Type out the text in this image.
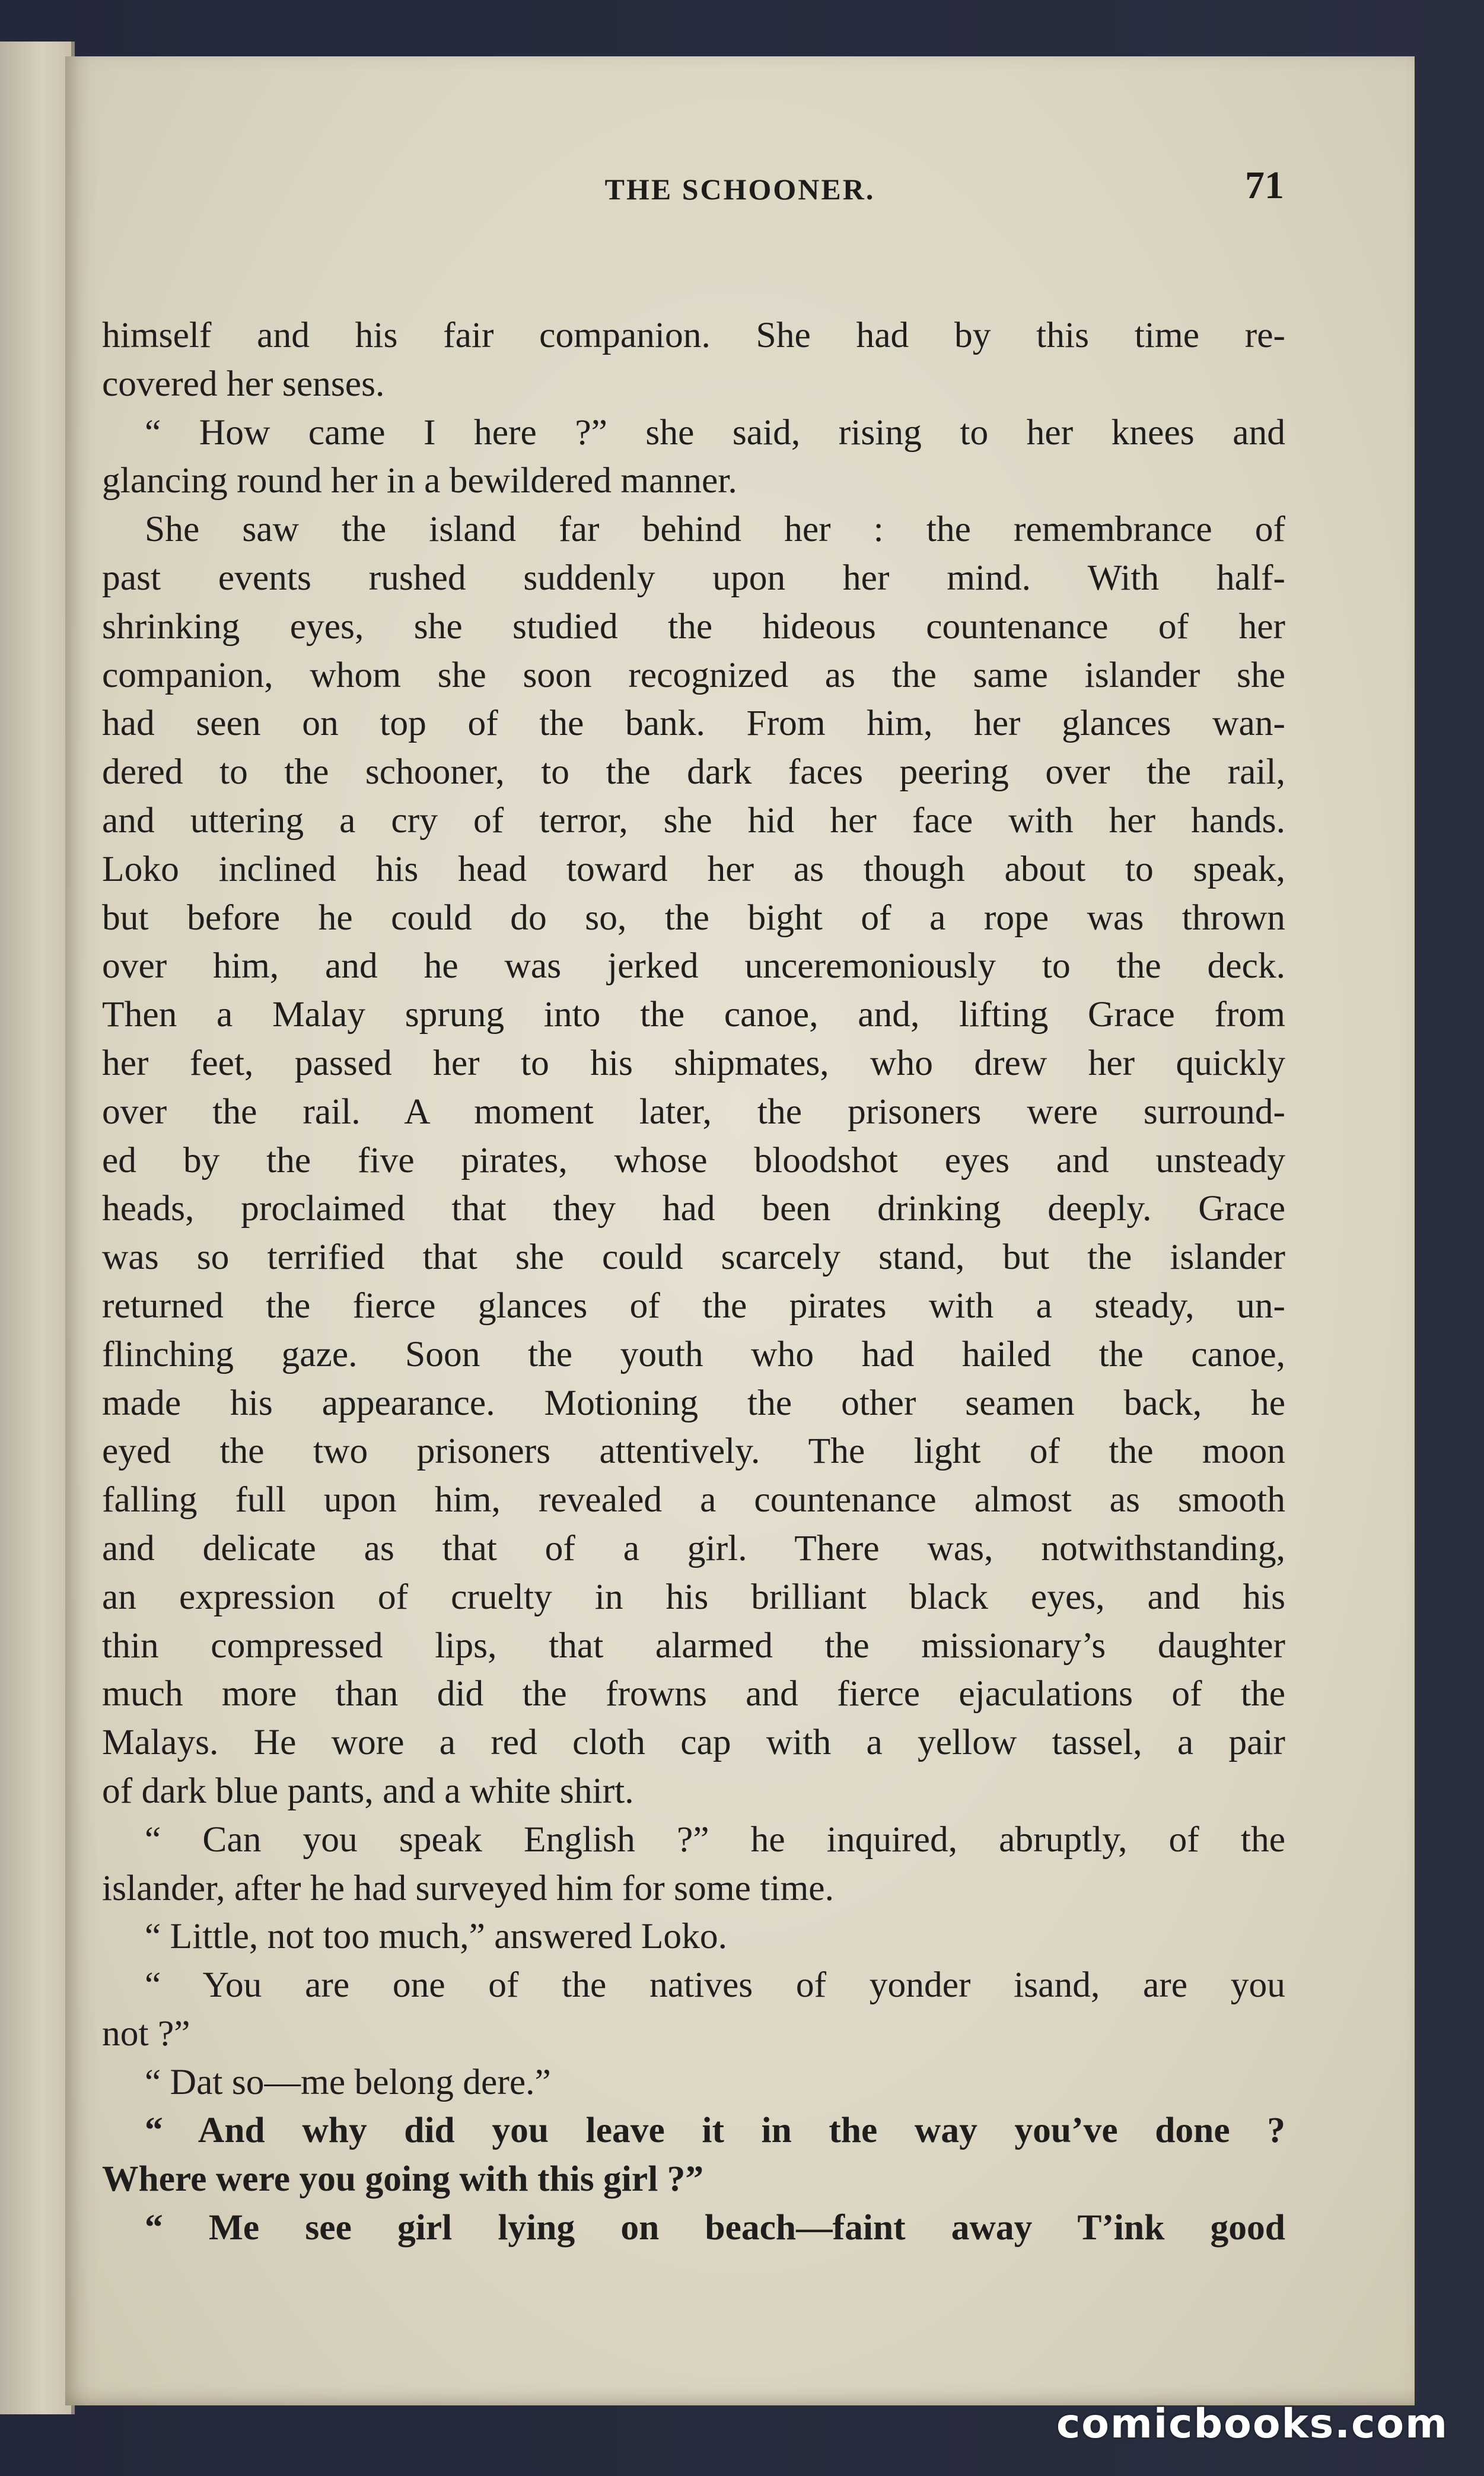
THE SCHOONER.	71
himself and his fair companion. She had by this time re-
covered her senses.
“ How came I here ?” she said, rising to her knees and
glancing round her in a bewildered manner.
She saw the island far behind her : the remembrance of
past events rushed suddenly upon her mind. With half-
shrinking eyes, she studied the hideous countenance of her
companion, whom she soon recognized as the same islander she
had seen on top of the bank. From him, her glances wan-
dered to the schooner, to the dark faces peering over the rail,
and uttering a cry of terror, she hid her face with her hands.
Loko inclined his head toward her as though about to speak,
but before he could do so, the bight of a rope was thrown
over him, and he was jerked unceremoniously to the deck.
Then a Malay sprung into the canoe, and, lifting Grace from
her feet, passed her to his shipmates, who drew her quickly
over the rail. A moment later, the prisoners were surround-
ed by the five pirates, whose bloodshot eyes and unsteady
heads, proclaimed that they had been drinking deeply. Grace
was so terrified that she could scarcely stand, but the islander
returned the fierce glances of the pirates with a steady, un-
flinching gaze. Soon the youth who had hailed the canoe,
made his appearance. Motioning the other seamen back, he
eyed the two prisoners attentively. The light of the moon
falling full upon him, revealed a countenance almost as smooth
and delicate as that of a girl. There was, notwithstanding,
an expression of cruelty in his brilliant black eyes, and his
thin compressed lips, that alarmed the missionary’s daughter
much more than did the frowns and fierce ejaculations of the
Malays. He wore a red cloth cap with a yellow tassel, a pair
of dark blue pants, and a white shirt.
“ Can you speak English ?” he inquired, abruptly, of the
islander, after he had surveyed him for some time.
“ Little, not too much,” answered Loko.
“ You are one of the natives of yonder isand, are you
not ?”
“ Dat so—me belong dere.”
“ And why did you leave it in the way you’ve done ?
Where were you going with this girl ?”
“ Me see girl lying on beach—faint away T’ink good
comicbooks.com
